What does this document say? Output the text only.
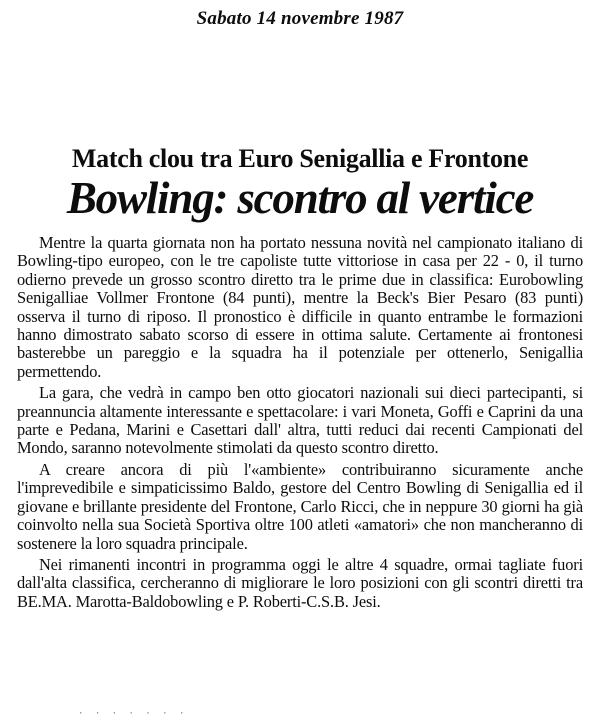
Sabato 14 novembre 1987
Match clou tra Euro Senigallia e Frontone
Bowling: scontro al vertice

Mentre la quarta giornata non ha portato nessuna novità nel campionato italiano di Bowling-tipo europeo, con le tre capoliste tutte vittoriose in casa per 22 - 0, il turno odierno prevede un grosso scontro diretto tra le prime due in classifica: Eurobowling Senigalliae Vollmer Frontone (84 punti), mentre la Beck's Bier Pesaro (83 punti) osserva il turno di riposo. Il pronostico è difficile in quanto entrambe le formazioni hanno dimostrato sabato scorso di essere in ottima salute. Certamente ai frontonesi basterebbe un pareggio e la squadra ha il potenziale per ottenerlo, Senigallia permettendo.

La gara, che vedrà in campo ben otto giocatori nazionali sui dieci partecipanti, si preannuncia altamente interessante e spettacolare: i vari Moneta, Goffi e Caprini da una parte e Pedana, Marini e Casettari dall' altra, tutti reduci dai recenti Campionati del Mondo, saranno notevolmente stimolati da questo scontro diretto.

A creare ancora di più l'«ambiente» contribuiranno sicuramente anche l'imprevedibile e simpaticissimo Baldo, gestore del Centro Bowling di Senigallia ed il giovane e brillante presidente del Frontone, Carlo Ricci, che in neppure 30 giorni ha già coinvolto nella sua Società Sportiva oltre 100 atleti «amatori» che non mancheranno di sostenere la loro squadra principale.

Nei rimanenti incontri in programma oggi le altre 4 squadre, ormai tagliate fuori dall'alta classifica, cercheranno di migliorare le loro posizioni con gli scontri diretti tra BE.MA. Marotta-Baldobowling e P. Roberti-C.S.B. Jesi.

· · · · · · ·
